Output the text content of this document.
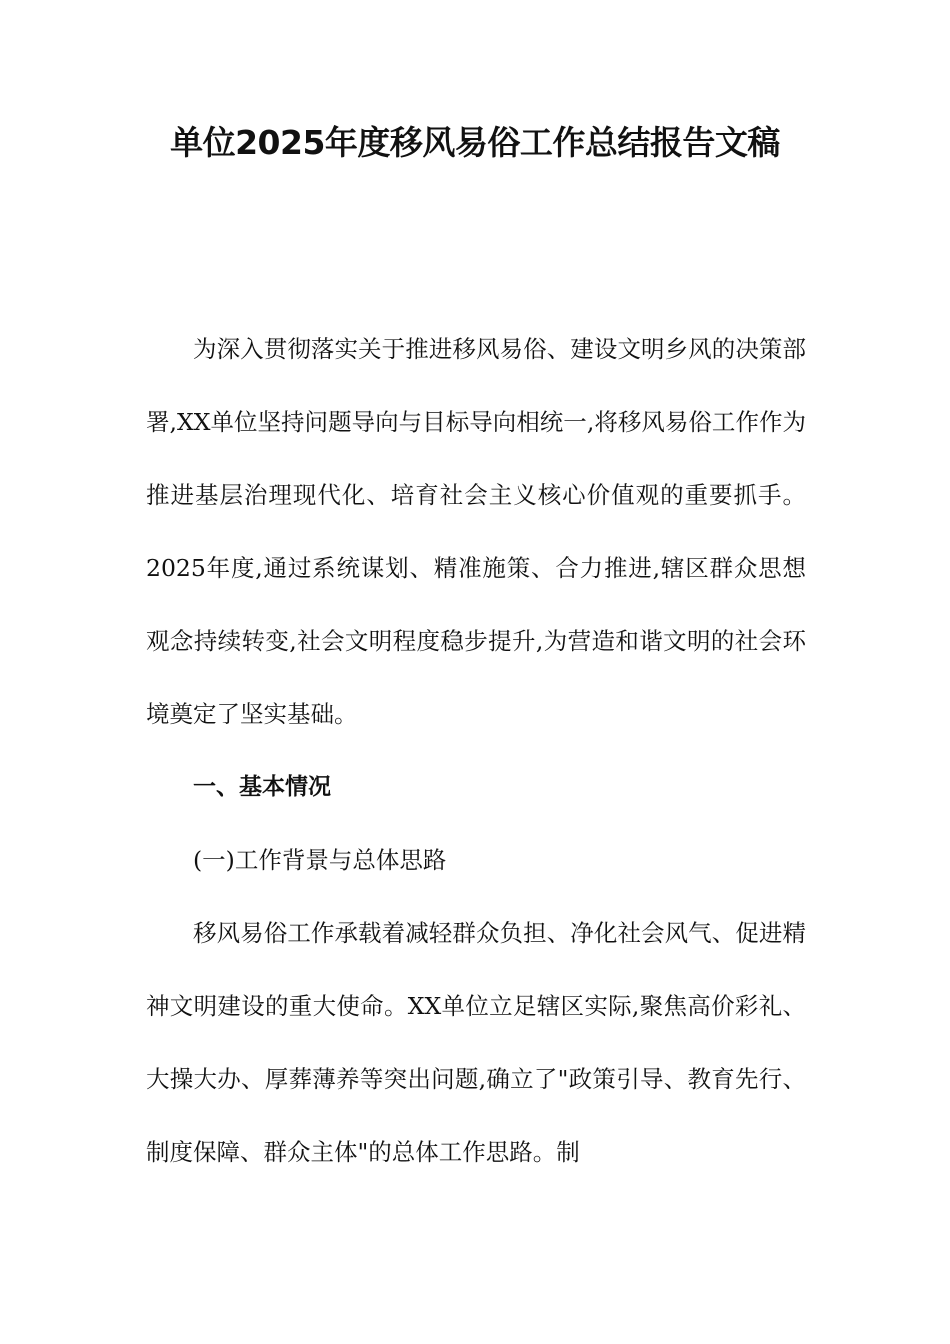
单位2025年度移风易俗工作总结报告文稿

为深入贯彻落实关于推进移风易俗、建设文明乡风的决策部署,XX单位坚持问题导向与目标导向相统一,将移风易俗工作作为推进基层治理现代化、培育社会主义核心价值观的重要抓手。2025年度,通过系统谋划、精准施策、合力推进,辖区群众思想观念持续转变,社会文明程度稳步提升,为营造和谐文明的社会环境奠定了坚实基础。

一、基本情况

(一)工作背景与总体思路

移风易俗工作承载着减轻群众负担、净化社会风气、促进精神文明建设的重大使命。XX单位立足辖区实际,聚焦高价彩礼、大操大办、厚葬薄养等突出问题,确立了"政策引导、教育先行、制度保障、群众主体"的总体工作思路。制
